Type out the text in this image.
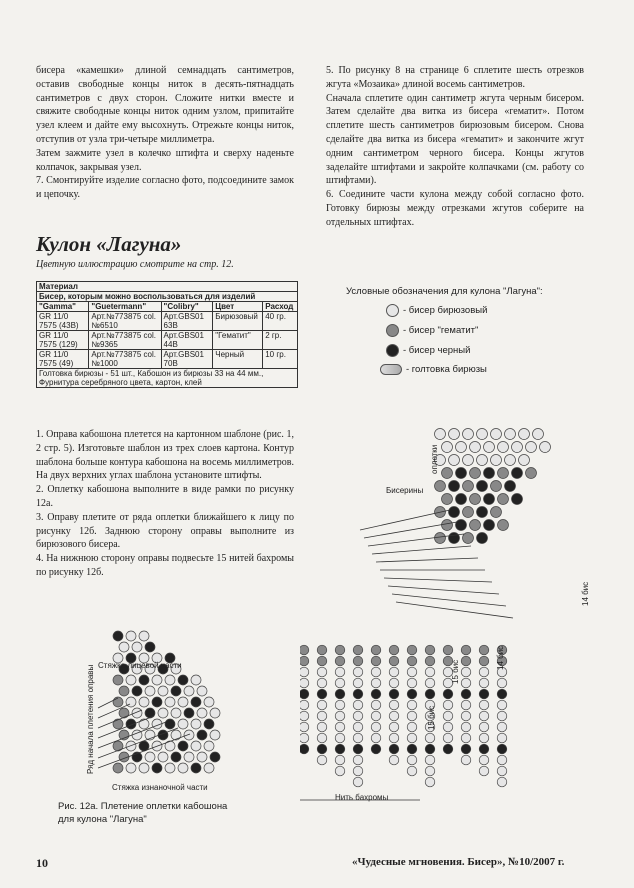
бисера «камешки» длиной семнадцать сантиметров, оставив свободные концы ниток в десять-пятнадцать сантиметров с двух сторон. Сложите нитки вместе и свяжите свободные концы ниток одним узлом, припитайте узел клеем и дайте ему высохнуть. Отрежьте концы ниток, отступив от узла три-четыре миллиметра.

Затем зажмите узел в колечко штифта и сверху наденьте колпачок, закрывая узел.

7. Смонтируйте изделие согласно фото, подсоедините замок и цепочку.

5. По рисунку 8 на странице 6 сплетите шесть отрезков жгута «Мозаика» длиной восемь сантиметров.

Сначала сплетите один сантиметр жгута черным бисером. Затем сделайте два витка из бисера «гематит». Потом сплетите шесть сантиметров бирюзовым бисером. Снова сделайте два витка из бисера «гематит» и закончите жгут одним сантиметром черного бисера. Концы жгутов заделайте штифтами и закройте колпачками (см. работу со штифтами).

6. Соедините части кулона между собой согласно фото. Готовку бирюзы между отрезками жгутов соберите на отдельных штифтах.

Кулон «Лагуна»
Цветную иллюстрацию смотрите на стр. 12.
Материал				
Бисер, которым можно воспользоваться для изделий				
"Gamma"	"Guetermann"	"Colibry"	Цвет	Расход
GR 11/0 7575 (43В)	Арт.№773875 col. №6510	Арт.GBS01 63В	Бирюзовый	40 гр.
GR 11/0 7575 (129)	Арт.№773875 col. №9365	Арт.GBS01 44В	"Гематит"	2 гр.
GR 11/0 7575 (49)	Арт.№773875 col. №1000	Арт.GBS01 70В	Черный	10 гр.
Голтовка бирюзы - 51 шт., Кабошон из бирюзы 33 на 44 мм., Фурнитура серебряного цвета, картон, клей				

1. Оправа кабошона плетется на картонном шаблоне (рис. 1, 2 стр. 5). Изготовьте шаблон из трех слоев картона. Контур шаблона больше контура кабошона на восемь миллиметров. На двух верхних углах шаблона установите штифты.

2. Оплетку кабошона выполните в виде рамки по рисунку 12а.

3. Оправу плетите от ряда оплетки ближайшего к лицу по рисунку 12б. Заднюю сторону оправы выполните из бирюзового бисера.

4. На нижнюю сторону оправы подвесьте 15 нитей бахромы по рисунку 12б.

Условные обозначения для кулона "Лагуна":
- бисер бирюзовый
- бисер "гематит"
- бисер черный
- голтовка бирюзы
Стяжка лицевой части
Стяжка изнаночной части
Ряд начала плетения оправы
Бисерины
оплетки
Нить бахромы
14 бис
14 бис
15 бис
15 бис
Рис. 12а. Плетение оплетки кабошона
для кулона "Лагуна"
10	«Чудесные мгновения. Бисер», №10/2007 г.
